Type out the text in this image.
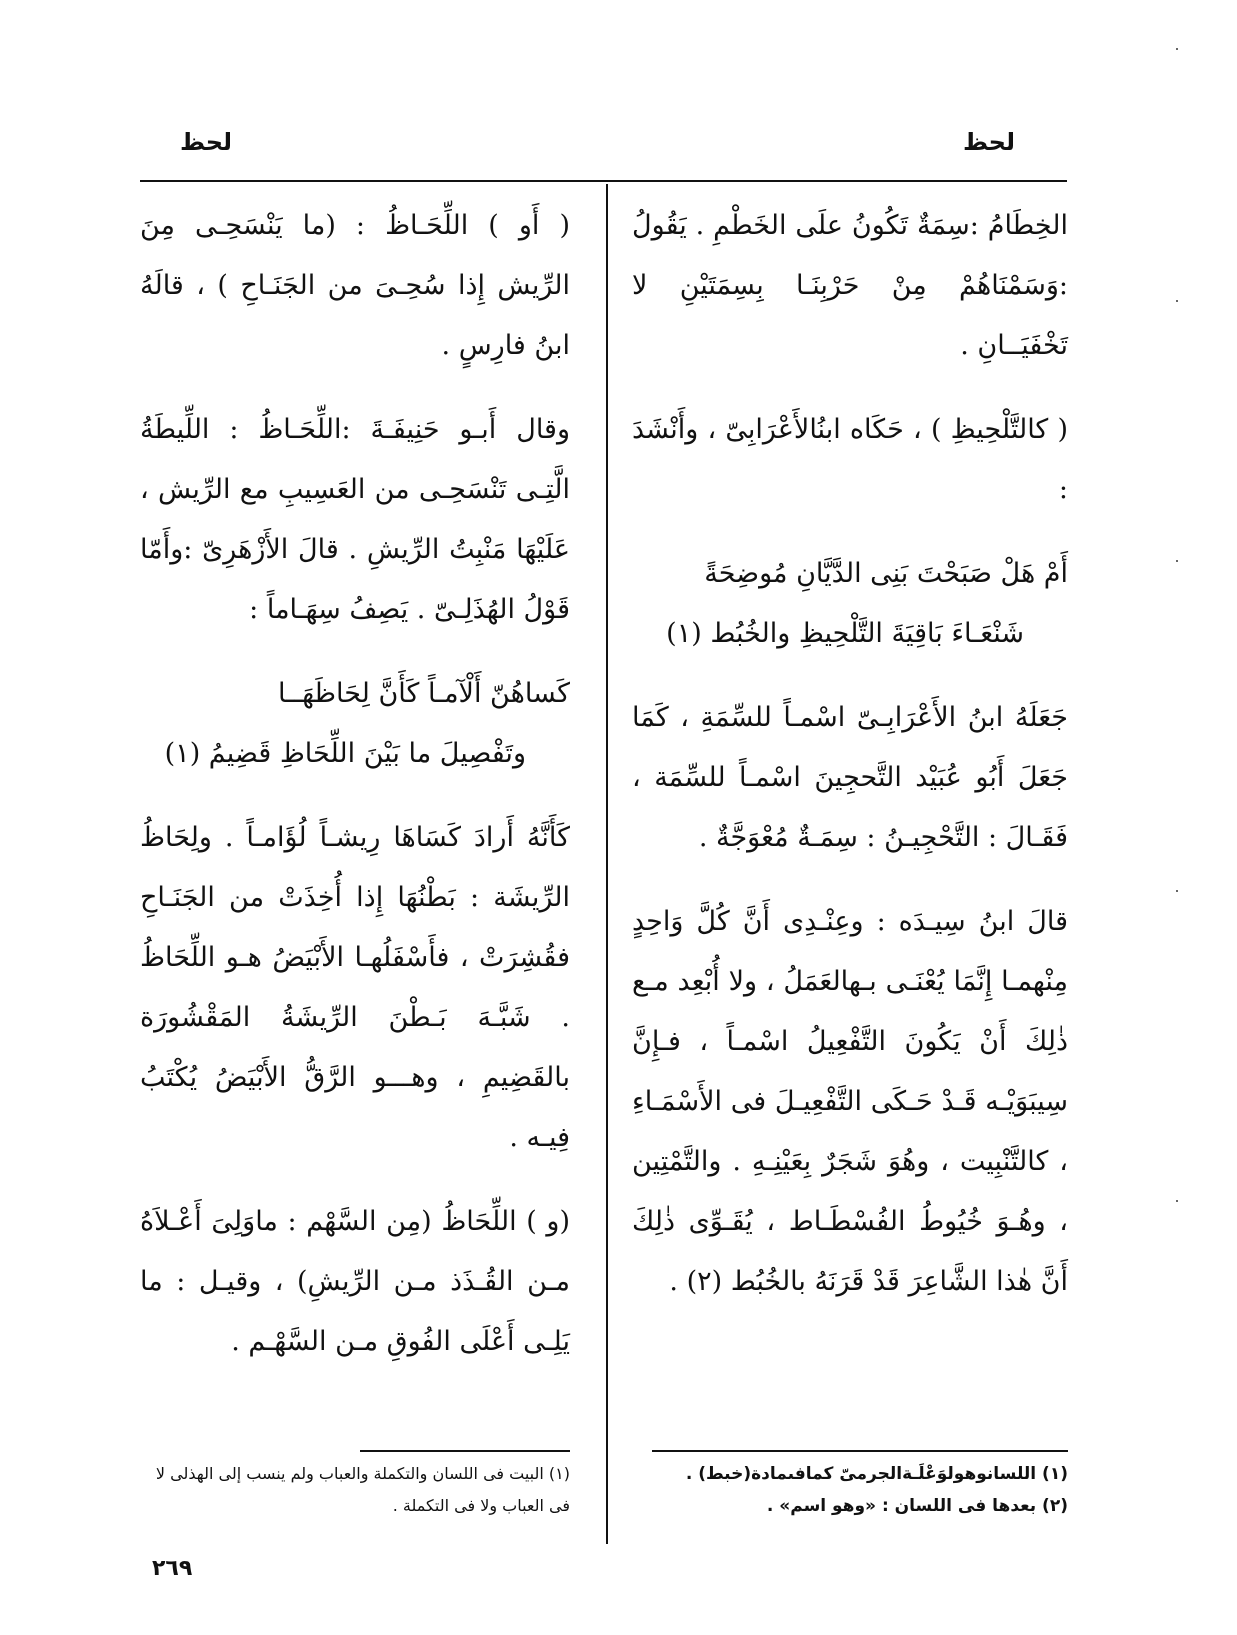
لحظ
لحظ

الخِطَامُ :سِمَةٌ تَكُونُ علَى الخَطْمِ . يَقُولُ :وَسَمْنَاهُمْ مِنْ حَرْبِنَـا بِسِمَتَيْنِ لا تَخْفَيَــانِ .

( كالتَّلْحِيظِ ) ، حَكَاه ابنُالأَعْرَابِىّ ، وأَنْشَدَ :

أَمْ هَلْ صَبَحْتَ بَنِى الدَّيَّانِ مُوضِحَةً

شَنْعَـاءَ بَاقِيَةَ التَّلْحِيظِ والخُبُط (١)

جَعَلَهُ ابنُ الأَعْرَابِـىّ اسْمـاً للسِّمَةِ ، كَمَا جَعَلَ أَبُو عُبَيْد التَّحجِينَ اسْمـاً للسِّمَة ، فَقَـالَ : التَّحْجِيـنُ : سِمَـةٌ مُعْوَجَّةٌ .

قالَ ابنُ سِيـدَه : وعِنْـدِى أَنَّ كُلَّ وَاحِدٍ مِنْهمـا إِنَّمَا يُعْنَـى بـهالعَمَلُ ، ولا أُبْعِد مـع ذٰلِكَ أَنْ يَكُونَ التَّفْعِيلُ اسْمـاً ، فـإِنَّ سِيبَوَيْـه قَـدْ حَـكَى التَّفْعِيـلَ فى الأَسْمَـاءِ ، كالتَّنْبِيت ، وهُوَ شَجَرٌ بِعَيْنِـهِ . والتَّمْتِين ، وهُـوَ خُيُوطُ الفُسْطَـاط ، يُقَـوِّى ذٰلِكَ أَنَّ هٰذا الشَّاعِرَ قَدْ قَرَنَهُ بالخُبُط (٢) .

( أَو ) اللِّحَـاظُ : (ما يَنْسَحِـى مِنَ الرِّيش إِذا سُحِـىَ من الجَنَـاحِ ) ، قالَهُ ابنُ فارِسٍ .

وقال أَبـو حَنِيفَـةَ :اللِّحَـاظُ : اللِّيطَةُ الَّتِـى تَنْسَحِـى من العَسِيبِ مع الرِّيش ، عَلَيْهَا مَنْبِتُ الرِّيشِ . قالَ الأَزْهَرِىّ :وأَمّا قَوْلُ الهُذَلِـىّ . يَصِفُ سِهَـاماً :

كَساهُنّ أَلْآمـاً كَأَنَّ لِحَاظَهَــا

وتَفْصِيلَ ما بَيْنَ اللِّحَاظِ قَضِيمُ (١)

كَأَنَّهُ أَرادَ كَسَاهَا رِيشـاً لُؤَامـاً . ولِحَاظُ الرِّيشَة : بَطْنُهَا إِذا أُخِذَتْ من الجَنَـاحِ فقُشِرَتْ ، فأَسْفَلُهـا الأَبْيَضُ هـو اللِّحَاظُ . شَبَّـهَ بَـطْنَ الرِّيشَةُ المَقْشُورَة بالقَضِيمِ ، وهـــو الرَّقُّ الأَبْيَضُ يُكْتَبُ فِيـه .

(و ) اللِّحَاظُ (مِن السَّهْم : ماوَلِىَ أَعْـلاَهُ مـن القُـذَذ مـن الرِّيشِ) ، وقيـل : ما يَلِـى أَعْلَى الفُوقِ مـن السَّهْـم .

(١) اللسانوهولوَعْلَـةالجرمىّ كمافىمادة(خبط) .

(٢) بعدها فى اللسان : «وهو اسم» .

(١) البيت فى اللسان والتكملة والعباب ولم ينسب إلى الهذلى لا فى العباب ولا فى التكملة .

٢٦٩
